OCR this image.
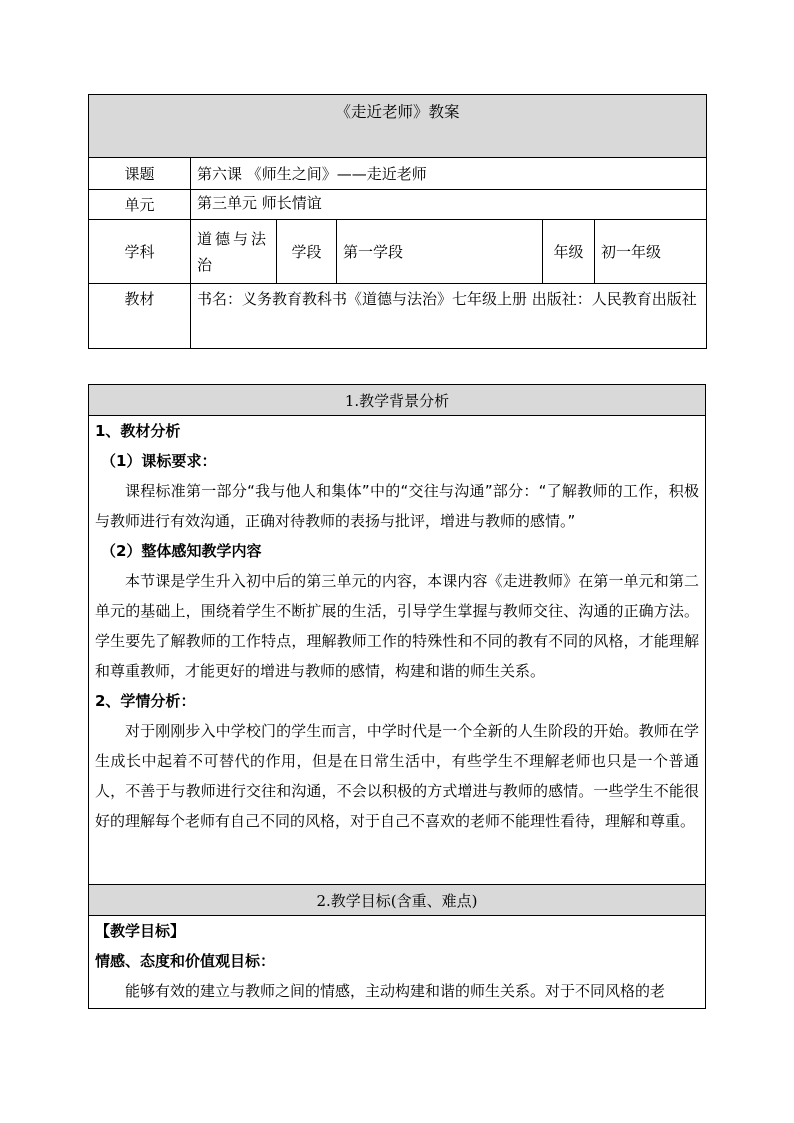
《走近老师》教案					
课题	第六课 《师生之间》——走近老师				
单元	第三单元 师长情谊				
学科	道德与法治	学段	第一学段	年级	初一年级
教材	书名：义务教育教科书《道德与法治》七年级上册 出版社：人民教育出版社				
1.教学背景分析

1、教材分析
（1）课标要求：

课程标准第一部分“我与他人和集体”中的“交往与沟通”部分：“了解教师的工作，积极与教师进行有效沟通，正确对待教师的表扬与批评，增进与教师的感情。”

（2）整体感知教学内容

本节课是学生升入初中后的第三单元的内容，本课内容《走进教师》在第一单元和第二单元的基础上，围绕着学生不断扩展的生活，引导学生掌握与教师交往、沟通的正确方法。学生要先了解教师的工作特点，理解教师工作的特殊性和不同的教有不同的风格，才能理解和尊重教师，才能更好的增进与教师的感情，构建和谐的师生关系。

2、学情分析：

对于刚刚步入中学校门的学生而言，中学时代是一个全新的人生阶段的开始。教师在学生成长中起着不可替代的作用，但是在日常生活中，有些学生不理解老师也只是一个普通人，不善于与教师进行交往和沟通，不会以积极的方式增进与教师的感情。一些学生不能很好的理解每个老师有自己不同的风格，对于自己不喜欢的老师不能理性看待，理解和尊重。

2.教学目标(含重、难点)

【教学目标】
情感、态度和价值观目标：

能够有效的建立与教师之间的情感，主动构建和谐的师生关系。对于不同风格的老
